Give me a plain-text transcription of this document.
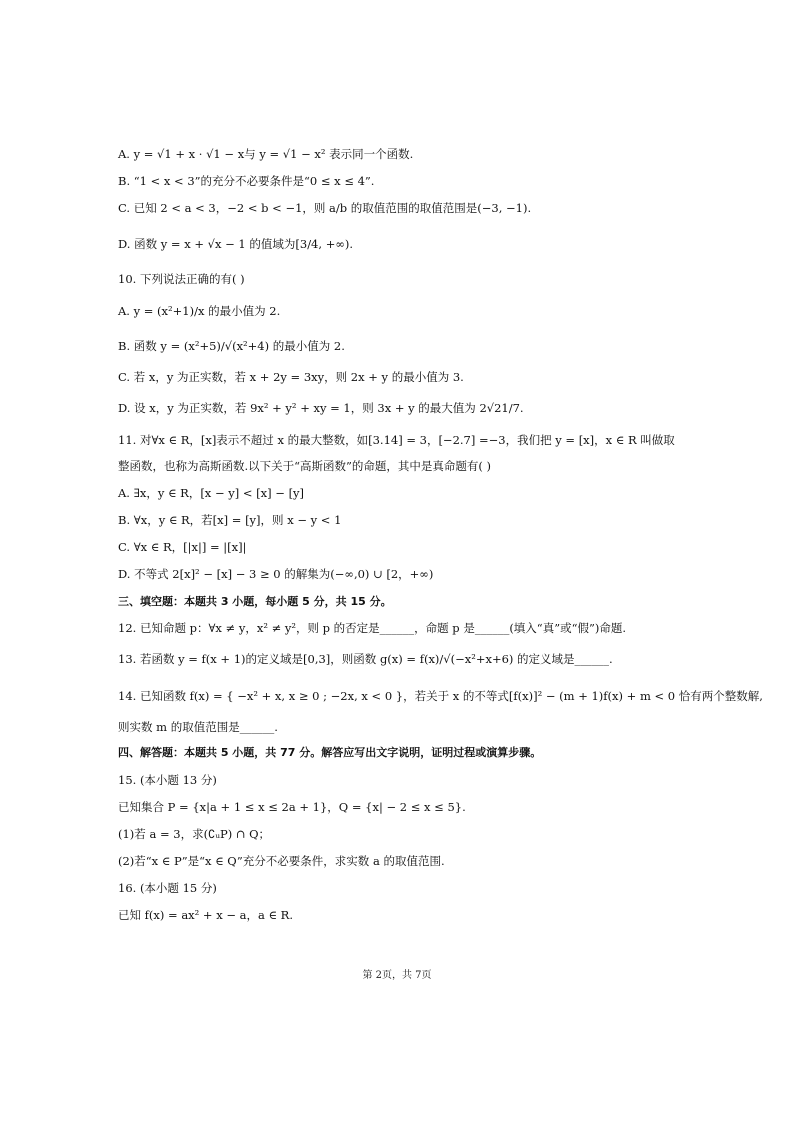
A. y = √1 + x · √1 − x与 y = √1 − x² 表示同一个函数.
B. “1 < x < 3”的充分不必要条件是“0 ≤ x ≤ 4”.
C. 已知 2 < a < 3，−2 < b < −1，则 a/b 的取值范围的取值范围是(−3, −1).
D. 函数 y = x + √x − 1 的值域为[3/4, +∞).
10. 下列说法正确的有( )
A. y = (x²+1)/x 的最小值为 2.
B. 函数 y = (x²+5)/√(x²+4) 的最小值为 2.
C. 若 x，y 为正实数，若 x + 2y = 3xy，则 2x + y 的最小值为 3.
D. 设 x，y 为正实数，若 9x² + y² + xy = 1，则 3x + y 的最大值为 2√21/7.
11. 对∀x ∈ R，[x]表示不超过 x 的最大整数，如[3.14] = 3，[−2.7] =−3，我们把 y = [x]，x ∈ R 叫做取
整函数，也称为高斯函数.以下关于“高斯函数”的命题，其中是真命题有( )
A. ∃x，y ∈ R，[x − y] < [x] − [y]
B. ∀x，y ∈ R，若[x] = [y]，则 x − y < 1
C. ∀x ∈ R，[|x|] = |[x]|
D. 不等式 2[x]² − [x] − 3 ≥ 0 的解集为(−∞,0) ∪ [2，+∞)
三、填空题：本题共 3 小题，每小题 5 分，共 15 分。
12. 已知命题 p：∀x ≠ y，x² ≠ y²，则 p 的否定是______，命题 p 是______(填入“真”或“假”)命题.
13. 若函数 y = f(x + 1)的定义域是[0,3]，则函数 g(x) = f(x)/√(−x²+x+6) 的定义域是______.
14. 已知函数 f(x) = { −x² + x, x ≥ 0 ; −2x, x < 0 }，若关于 x 的不等式[f(x)]² − (m + 1)f(x) + m < 0 恰有两个整数解,
则实数 m 的取值范围是______.
四、解答题：本题共 5 小题，共 77 分。解答应写出文字说明，证明过程或演算步骤。
15. (本小题 13 分)
已知集合 P = {x|a + 1 ≤ x ≤ 2a + 1}，Q = {x| − 2 ≤ x ≤ 5}.
(1)若 a = 3，求(∁ᵤP) ∩ Q；
(2)若“x ∈ P”是“x ∈ Q”充分不必要条件，求实数 a 的取值范围.
16. (本小题 15 分)
已知 f(x) = ax² + x − a，a ∈ R.
第 2页，共 7页
